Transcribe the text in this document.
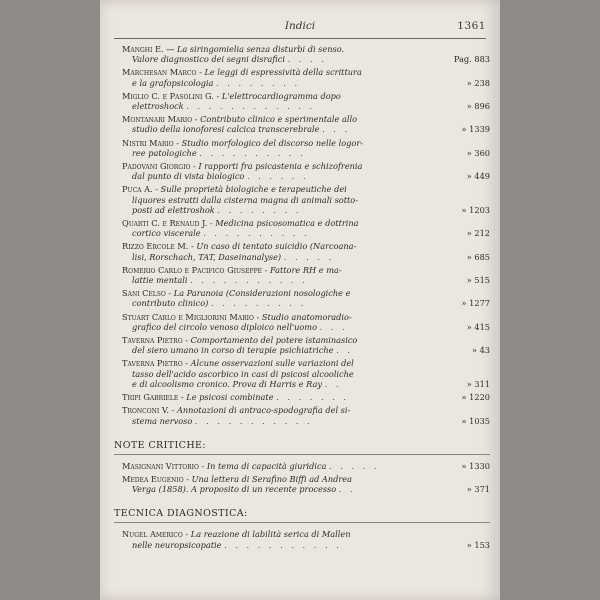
Indici	1361
Manghi E. — La siringomielia senza disturbi di senso.
Valore diagnostico dei segni disrafici . . . .	Pag. 883
Marchesan Marco - Le leggi di espressività della scrittura
e la grafopsicologia . . . . . . . .	» 238
Miglio C. e Pasolini G. - L'elettrocardiogramma dopo
elettroshock . . . . . . . . . . . .	» 896
Montanari Mario - Contributo clinico e sperimentale allo
studio della ionoforesi calcica transcerebrale . . .	» 1339
Nistri Mario - Studio morfologico del discorso nelle logor-
ree patologiche . . . . . . . . . .	» 360
Padovani Giorgio - I rapporti fra psicastenia e schizofrenia
dal punto di vista biologico . . . . . .	» 449
Puca A. - Sulle proprietà biologiche e terapeutiche dei
liquores estratti dalla cisterna magna di animali sotto-
posti ad elettroshok . . . . . . . .	» 1203
Quarti C. e Renaud J. - Medicina psicosomatica e dottrina
cortico viscerale . . . . . . . . . .	» 212
Rizzo Ercole M. - Un caso di tentato suicidio (Narcoana-
lisi, Rorschach, TAT, Daseinanalyse) . . . . .	» 685
Romerio Carlo e Pacifico Giuseppe - Fattore RH e ma-
lattie mentali . . . . . . . . . . .	» 515
Sani Celso - La Paranoia (Considerazioni nosologiche e
contributo clinico) . . . . . . . . .	» 1277
Stuart Carlo e Migliorini Mario - Studio anatomoradio-
grafico del circolo venoso diploico nell'uomo . . .	» 415
Taverna Pietro - Comportamento del potere istaminasico
del siero umano in corso di terapie psichiatriche . .	» 43
Taverna Pietro - Alcune osservazioni sulle variazioni del
tasso dell'acido ascorbico in casi di psicosi alcooliche
e di alcoolismo cronico. Prova di Harris e Ray . .	» 311
Tripi Gabriele - Le psicosi combinate . . . . . . .	» 1220
Tronconi V. - Annotazioni di antraco-spodografia del si-
stema nervoso . . . . . . . . . . .	» 1035
NOTE CRITICHE:
Masignani Vittorio - In tema di capacità giuridica . . . . .	» 1330
Medea Eugenio - Una lettera di Serafino Biffi ad Andrea
Verga (1858). A proposito di un recente processo . .	» 371
TECNICA DIAGNOSTICA:
Nugel Americo - La reazione di labilità serica di Mallen
nelle neuropsicopatie . . . . . . . . . . .	» 153
